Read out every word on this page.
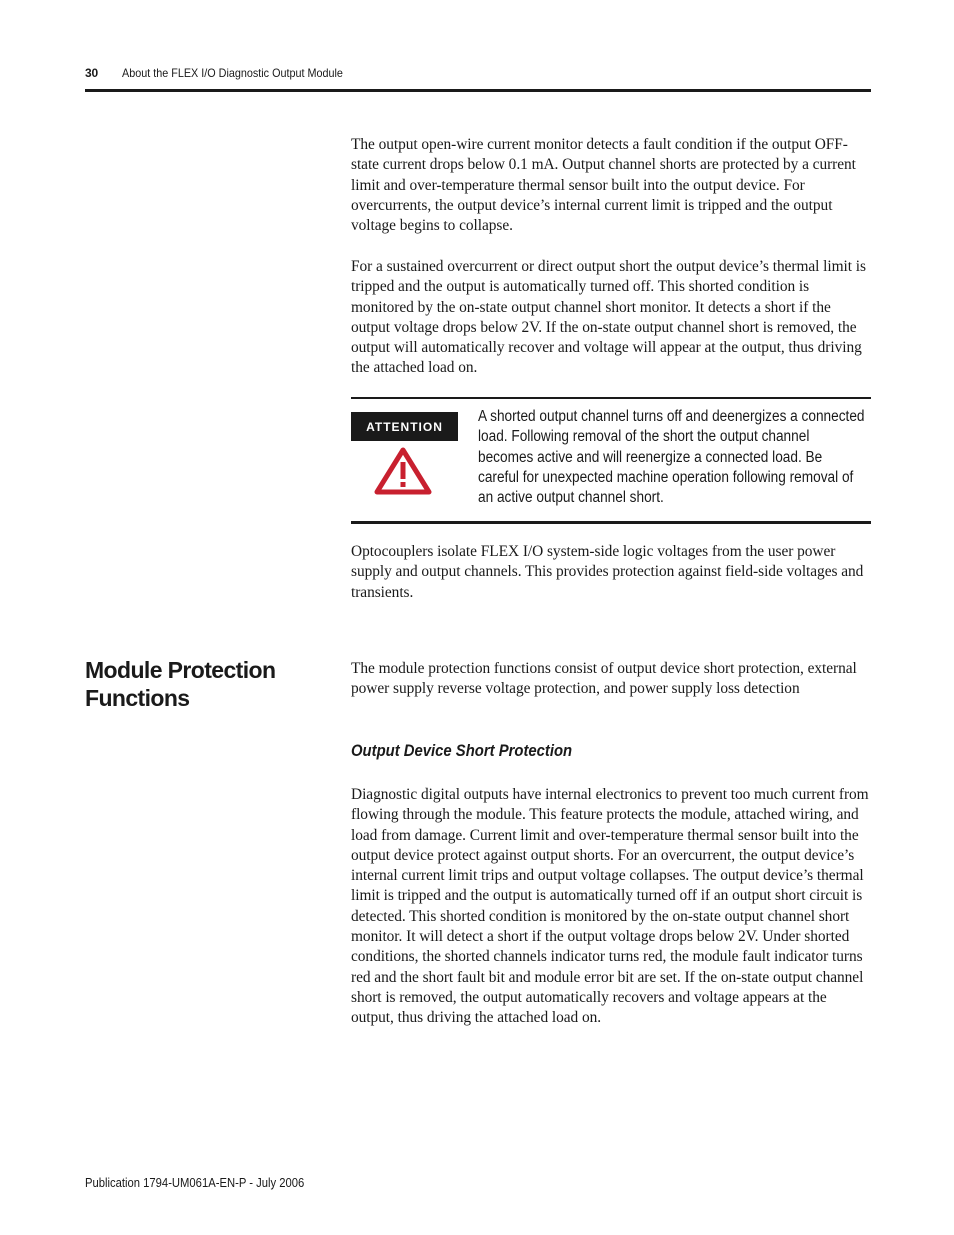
30 About the FLEX I/O Diagnostic Output Module

The output open-wire current monitor detects a fault condition if the output OFF-state current drops below 0.1 mA. Output channel shorts are protected by a current limit and over-temperature thermal sensor built into the output device. For overcurrents, the output device’s internal current limit is tripped and the output voltage begins to collapse.

For a sustained overcurrent or direct output short the output device’s thermal limit is tripped and the output is automatically turned off. This shorted condition is monitored by the on-state output channel short monitor. It detects a short if the output voltage drops below 2V. If the on-state output channel short is removed, the output will automatically recover and voltage will appear at the output, thus driving the attached load on.

ATTENTION

A shorted output channel turns off and deenergizes a connected load. Following removal of the short the output channel becomes active and will reenergize a connected load. Be careful for unexpected machine operation following removal of an active output channel short.

Optocouplers isolate FLEX I/O system-side logic voltages from the user power supply and output channels. This provides protection against field-side voltages and transients.

Module Protection Functions

The module protection functions consist of output device short protection, external power supply reverse voltage protection, and power supply loss detection

Output Device Short Protection

Diagnostic digital outputs have internal electronics to prevent too much current from flowing through the module. This feature protects the module, attached wiring, and load from damage. Current limit and over-temperature thermal sensor built into the output device protect against output shorts. For an overcurrent, the output device’s internal current limit trips and output voltage collapses. The output device’s thermal limit is tripped and the output is automatically turned off if an output short circuit is detected. This shorted condition is monitored by the on-state output channel short monitor. It will detect a short if the output voltage drops below 2V. Under shorted conditions, the shorted channels indicator turns red, the module fault indicator turns red and the short fault bit and module error bit are set. If the on-state output channel short is removed, the output automatically recovers and voltage appears at the output, thus driving the attached load on.

Publication 1794-UM061A-EN-P - July 2006
